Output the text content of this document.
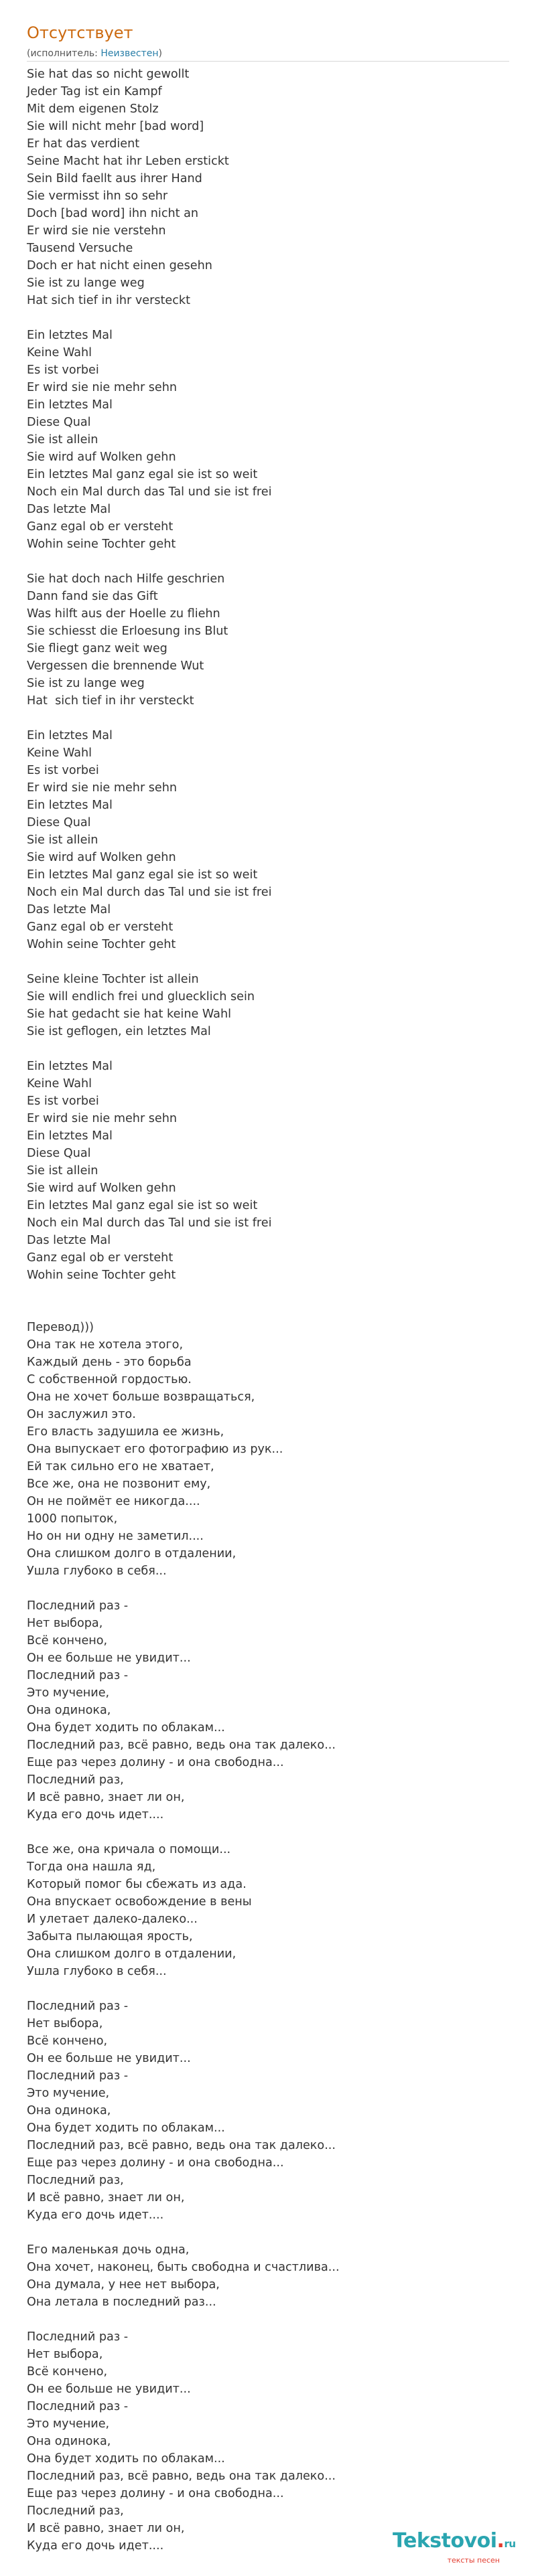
Отсутствует
(исполнитель: Неизвестен)
Sie hat das so nicht gewollt
Jeder Tag ist ein Kampf
Mit dem eigenen Stolz
Sie will nicht mehr [bad word]
Er hat das verdient
Seine Macht hat ihr Leben erstickt
Sein Bild faellt aus ihrer Hand
Sie vermisst ihn so sehr
Doch [bad word] ihn nicht an
Er wird sie nie verstehn
Tausend Versuche
Doch er hat nicht einen gesehn
Sie ist zu lange weg
Hat sich tief in ihr versteckt
Ein letztes Mal
Keine Wahl
Es ist vorbei
Er wird sie nie mehr sehn
Ein letztes Mal
Diese Qual
Sie ist allein
Sie wird auf Wolken gehn
Ein letztes Mal ganz egal sie ist so weit
Noch ein Mal durch das Tal und sie ist frei
Das letzte Mal
Ganz egal ob er versteht
Wohin seine Tochter geht
Sie hat doch nach Hilfe geschrien
Dann fand sie das Gift
Was hilft aus der Hoelle zu fliehn
Sie schiesst die Erloesung ins Blut
Sie fliegt ganz weit weg
Vergessen die brennende Wut
Sie ist zu lange weg
Hat  sich tief in ihr versteckt
Ein letztes Mal
Keine Wahl
Es ist vorbei
Er wird sie nie mehr sehn
Ein letztes Mal
Diese Qual
Sie ist allein
Sie wird auf Wolken gehn
Ein letztes Mal ganz egal sie ist so weit
Noch ein Mal durch das Tal und sie ist frei
Das letzte Mal
Ganz egal ob er versteht
Wohin seine Tochter geht
Seine kleine Tochter ist allein
Sie will endlich frei und gluecklich sein
Sie hat gedacht sie hat keine Wahl
Sie ist geflogen, ein letztes Mal
Ein letztes Mal
Keine Wahl
Es ist vorbei
Er wird sie nie mehr sehn
Ein letztes Mal
Diese Qual
Sie ist allein
Sie wird auf Wolken gehn
Ein letztes Mal ganz egal sie ist so weit
Noch ein Mal durch das Tal und sie ist frei
Das letzte Mal
Ganz egal ob er versteht
Wohin seine Tochter geht
Перевод)))
Она так не хотела этого,
Каждый день - это борьба
С собственной гордостью.
Она не хочет больше возвращаться,
Он заслужил это.
Его власть задушила ее жизнь,
Она выпускает его фотографию из рук...
Ей так сильно его не хватает,
Все же, она не позвонит ему,
Он не поймёт ее никогда....
1000 попыток,
Но он ни одну не заметил....
Она слишком долго в отдалении,
Ушла глубоко в себя...
Последний раз -
Нет выбора,
Всё кончено,
Он ее больше не увидит...
Последний раз -
Это мучение,
Она одинока,
Она будет ходить по облакам...
Последний раз, всё равно, ведь она так далеко...
Еще раз через долину - и она свободна...
Последний раз,
И всё равно, знает ли он,
Куда его дочь идет....
Все же, она кричала о помощи...
Тогда она нашла яд,
Который помог бы сбежать из ада.
Она впускает освобождение в вены
И улетает далеко-далеко...
Забыта пылающая ярость,
Она слишком долго в отдалении,
Ушла глубоко в себя...
Последний раз -
Нет выбора,
Всё кончено,
Он ее больше не увидит...
Последний раз -
Это мучение,
Она одинока,
Она будет ходить по облакам...
Последний раз, всё равно, ведь она так далеко...
Еще раз через долину - и она свободна...
Последний раз,
И всё равно, знает ли он,
Куда его дочь идет....
Его маленькая дочь одна,
Она хочет, наконец, быть свободна и счастлива...
Она думала, у нее нет выбора,
Она летала в последний раз...
Последний раз -
Нет выбора,
Всё кончено,
Он ее больше не увидит...
Последний раз -
Это мучение,
Она одинока,
Она будет ходить по облакам...
Последний раз, всё равно, ведь она так далеко...
Еще раз через долину - и она свободна...
Последний раз,
И всё равно, знает ли он,
Куда его дочь идет....	Tekstovoi.ru
тексты песен
